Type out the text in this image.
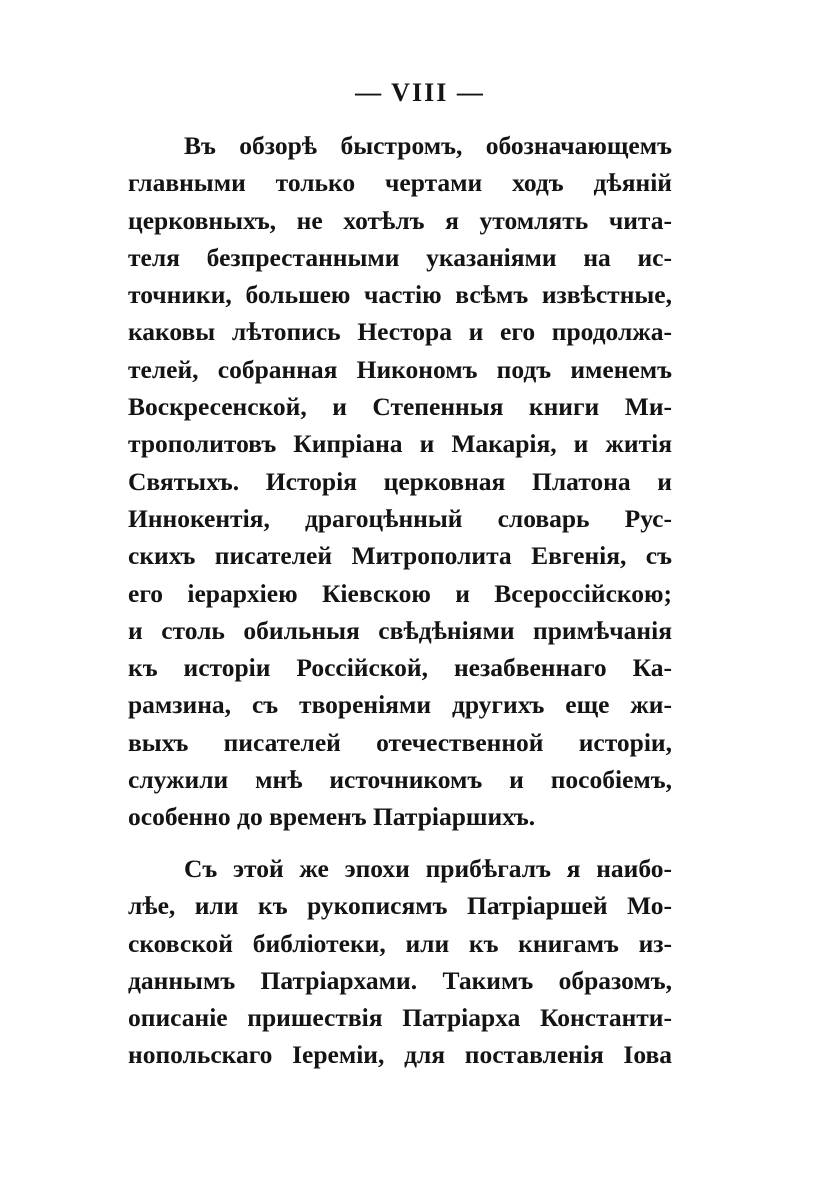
— VIII —
Въ обзорѣ быстромъ, обозначающемъ
главными только чертами ходъ дѣяній
церковныхъ, не хотѣлъ я утомлять чита-
теля безпрестанными указаніями на ис-
точники, большею частію всѣмъ извѣстные,
каковы лѣтопись Нестора и его продолжа-
телей, собранная Никономъ подъ именемъ
Воскресенской, и Степенныя книги Ми-
трополитовъ Кипріана и Макарія, и житія
Святыхъ. Исторія церковная Платона и
Иннокентія, драгоцѣнный словарь Рус-
скихъ писателей Митрополита Евгенія, съ
его іерархіею Кіевскою и Всероссійскою;
и столь обильныя свѣдѣніями примѣчанія
къ исторіи Россійской, незабвеннаго Ка-
рамзина, съ твореніями другихъ еще жи-
выхъ писателей отечественной исторіи,
служили мнѣ источникомъ и пособіемъ,
особенно до временъ Патріаршихъ.
Съ этой же эпохи прибѣгалъ я наибо-
лѣе, или къ рукописямъ Патріаршей Мо-
сковской библіотеки, или къ книгамъ из-
даннымъ Патріархами. Такимъ образомъ,
описаніе пришествія Патріарха Константи-
нопольскаго Іереміи, для поставленія Іова
